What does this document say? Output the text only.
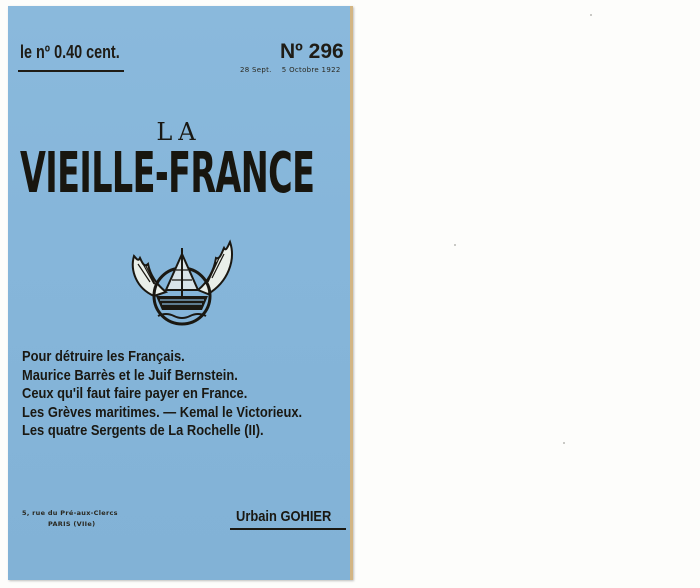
le nº 0.40 cent.	Nº 296
28 Sept.    5 Octobre 1922
LA
VIEILLE-FRANCE
Pour détruire les Français.
Maurice Barrès et le Juif Bernstein.
Ceux qu'il faut faire payer en France.
Les Grèves maritimes. — Kemal le Victorieux.
Les quatre Sergents de La Rochelle (II).
5, rue du Pré-aux-Clercs
PARIS (VIIe)	Urbain GOHIER
